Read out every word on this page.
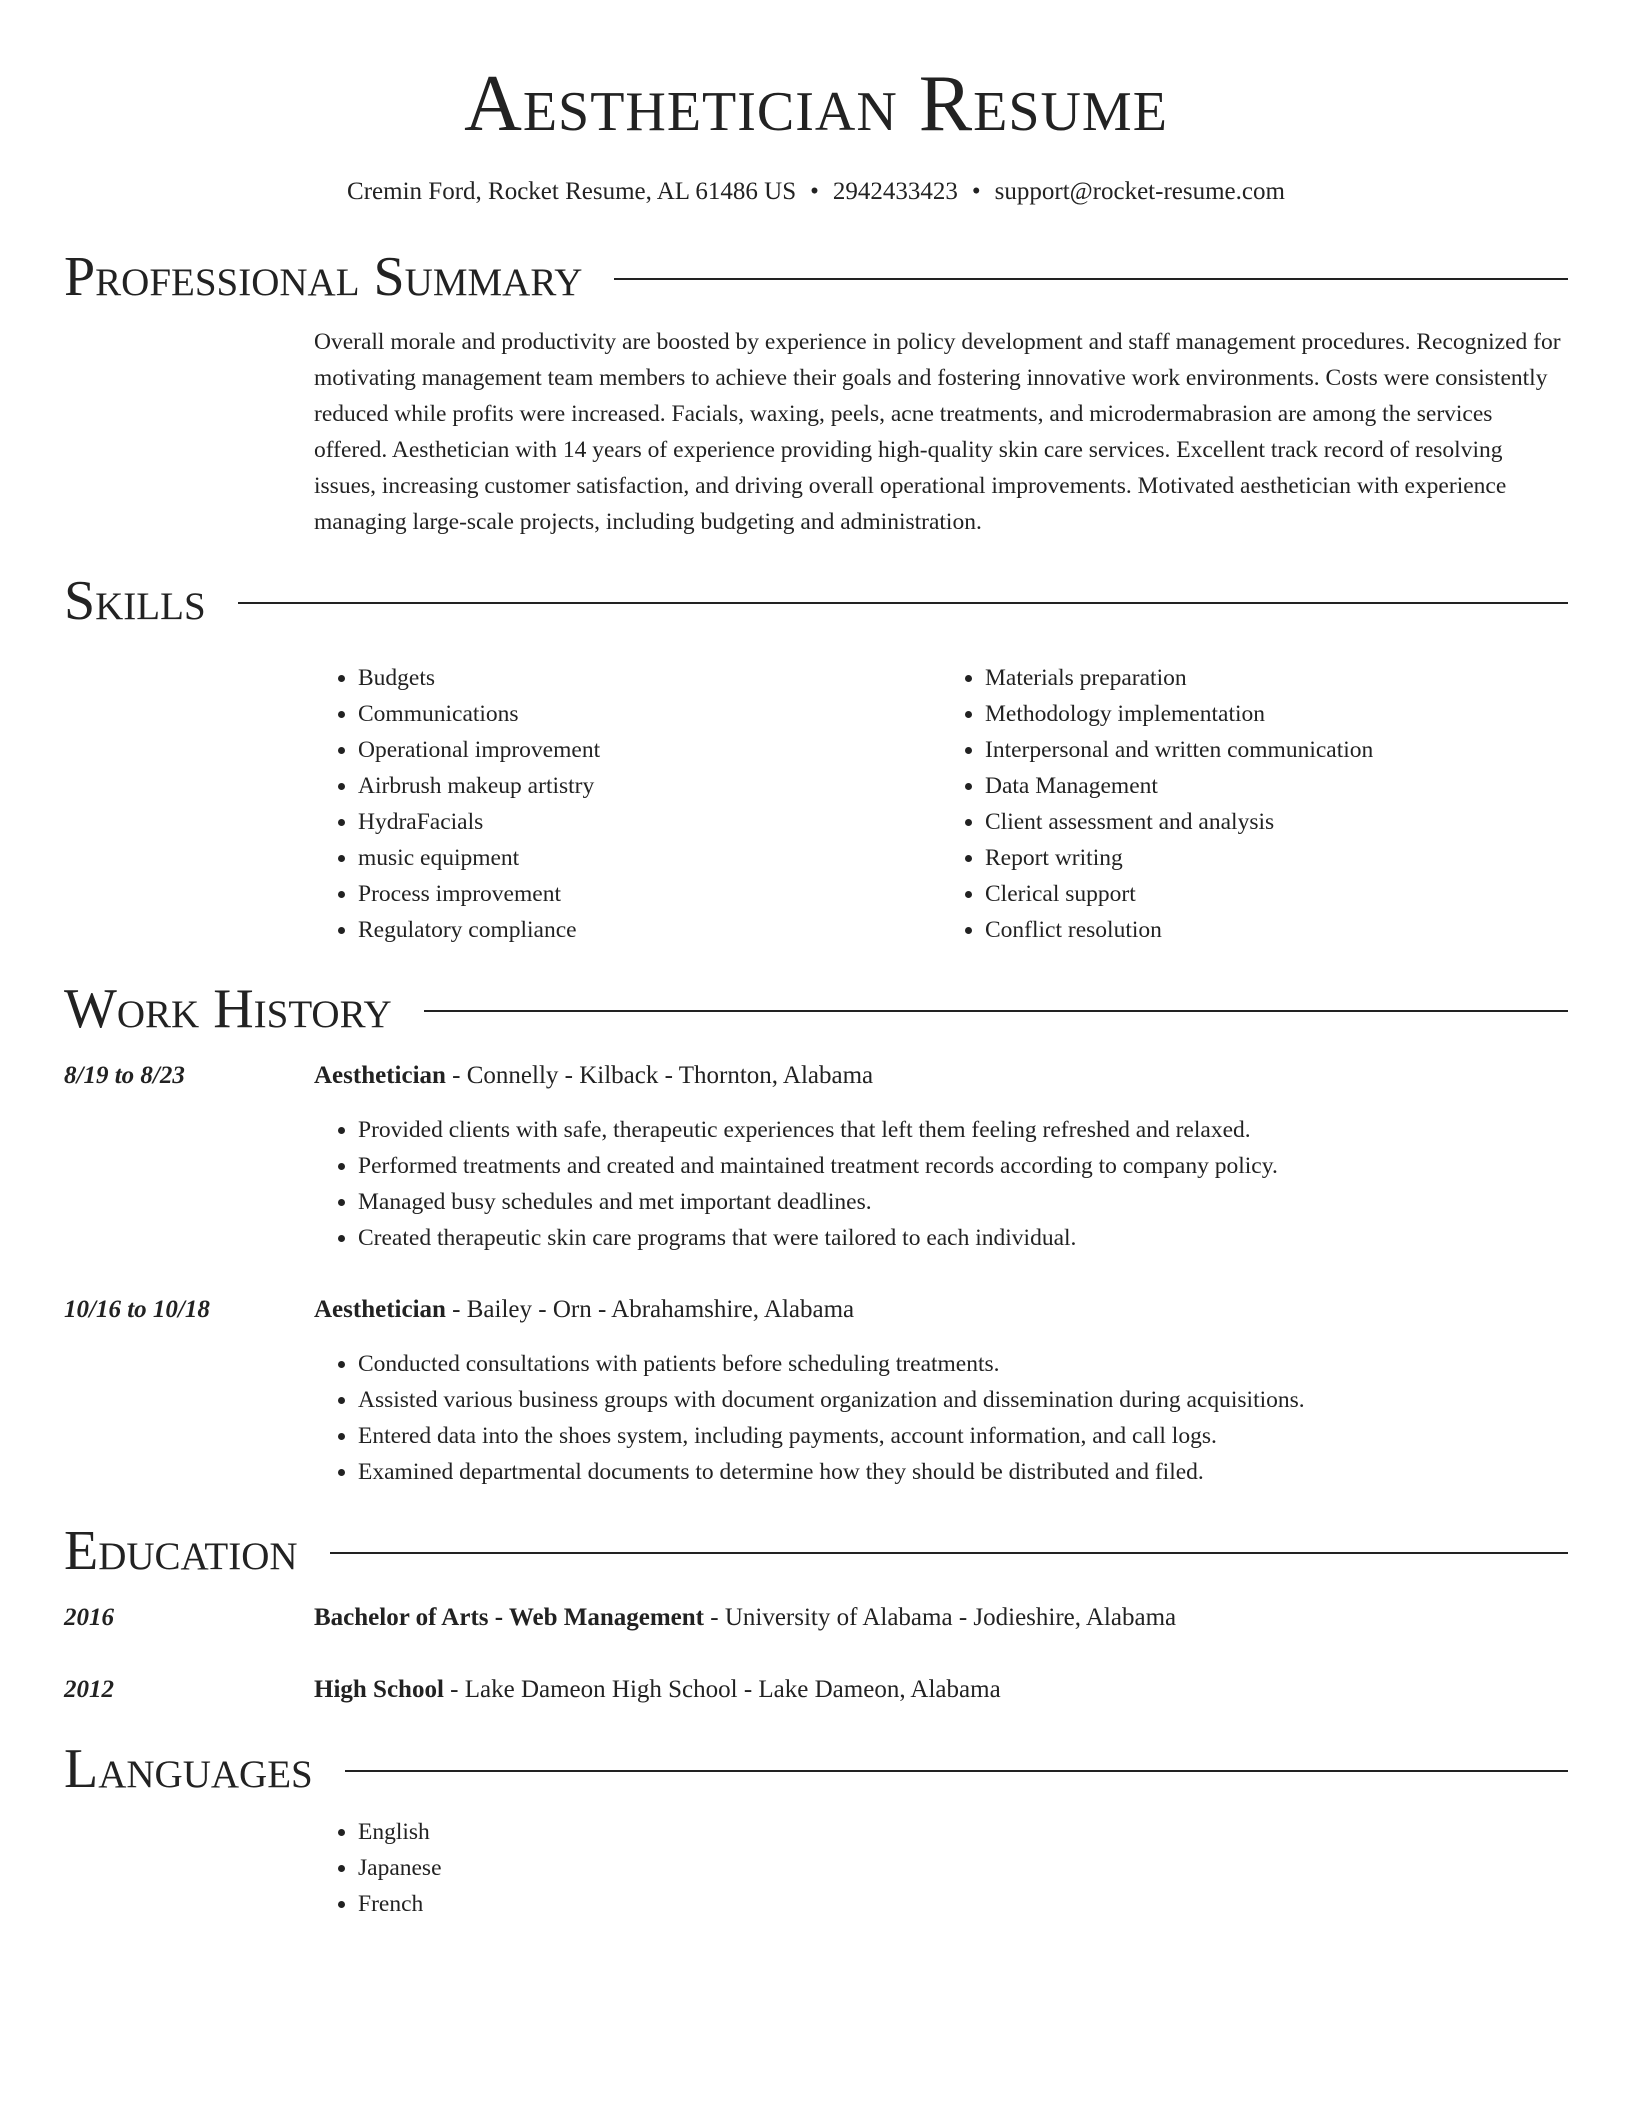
Aesthetician Resume
Cremin Ford, Rocket Resume, AL 61486 US • 2942433423 • support@rocket-resume.com
Professional Summary

Overall morale and productivity are boosted by experience in policy development and staff management procedures. Recognized for motivating management team members to achieve their goals and fostering innovative work environments. Costs were consistently reduced while profits were increased. Facials, waxing, peels, acne treatments, and microdermabrasion are among the services offered. Aesthetician with 14 years of experience providing high-quality skin care services. Excellent track record of resolving issues, increasing customer satisfaction, and driving overall operational improvements. Motivated aesthetician with experience managing large-scale projects, including budgeting and administration.

Skills
• Budgets
• Communications
• Operational improvement
• Airbrush makeup artistry
• HydraFacials
• music equipment
• Process improvement
• Regulatory compliance
• Materials preparation
• Methodology implementation
• Interpersonal and written communication
• Data Management
• Client assessment and analysis
• Report writing
• Clerical support
• Conflict resolution
Work History
8/19 to 8/23	Aesthetician - Connelly - Kilback - Thornton, Alabama
• Provided clients with safe, therapeutic experiences that left them feeling refreshed and relaxed.
• Performed treatments and created and maintained treatment records according to company policy.
• Managed busy schedules and met important deadlines.
• Created therapeutic skin care programs that were tailored to each individual.
10/16 to 10/18	Aesthetician - Bailey - Orn - Abrahamshire, Alabama
• Conducted consultations with patients before scheduling treatments.
• Assisted various business groups with document organization and dissemination during acquisitions.
• Entered data into the shoes system, including payments, account information, and call logs.
• Examined departmental documents to determine how they should be distributed and filed.
Education
2016	Bachelor of Arts - Web Management - University of Alabama - Jodieshire, Alabama
2012	High School - Lake Dameon High School - Lake Dameon, Alabama
Languages
• English
• Japanese
• French
